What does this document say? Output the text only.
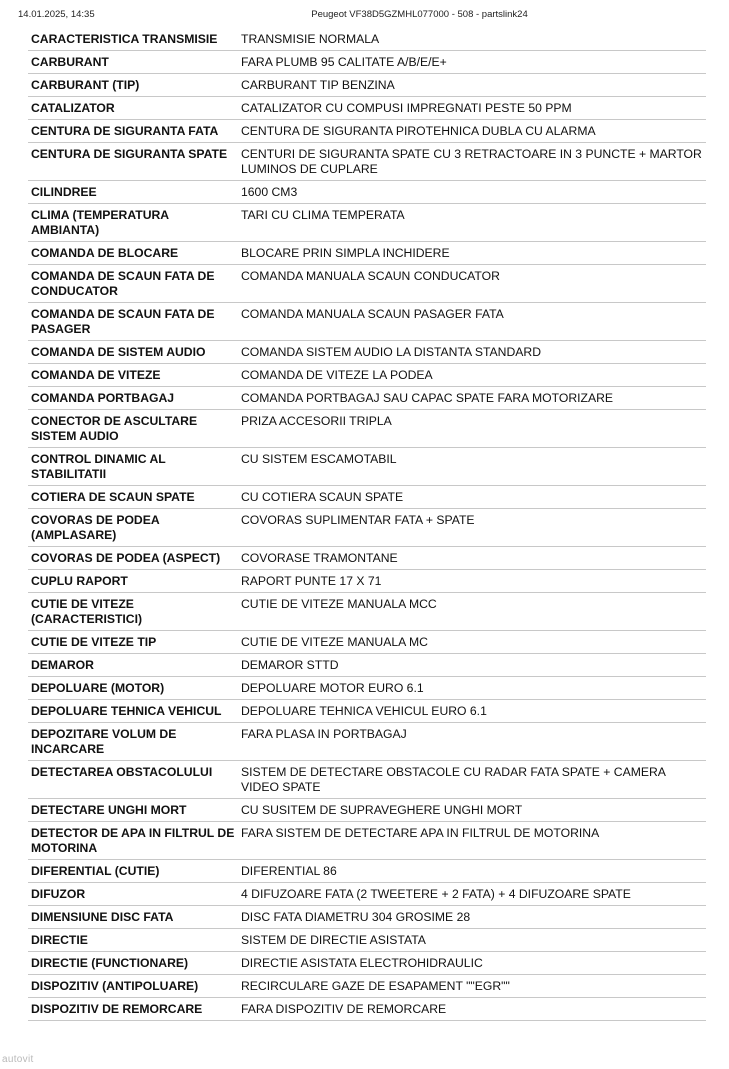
14.01.2025, 14:35	Peugeot VF38D5GZMHL077000 - 508 - partslink24
CARACTERISTICA TRANSMISIE	TRANSMISIE NORMALA
CARBURANT	FARA PLUMB 95 CALITATE A/B/E/E+
CARBURANT (TIP)	CARBURANT TIP BENZINA
CATALIZATOR	CATALIZATOR CU COMPUSI IMPREGNATI PESTE 50 PPM
CENTURA DE SIGURANTA FATA	CENTURA DE SIGURANTA PIROTEHNICA DUBLA CU ALARMA
CENTURA DE SIGURANTA SPATE	CENTURI DE SIGURANTA SPATE CU 3 RETRACTOARE IN 3 PUNCTE + MARTOR LUMINOS DE CUPLARE
CILINDREE	1600 CM3
CLIMA (TEMPERATURA AMBIANTA)	TARI CU CLIMA TEMPERATA
COMANDA DE BLOCARE	BLOCARE PRIN SIMPLA INCHIDERE
COMANDA DE SCAUN FATA DE CONDUCATOR	COMANDA MANUALA SCAUN CONDUCATOR
COMANDA DE SCAUN FATA DE PASAGER	COMANDA MANUALA SCAUN PASAGER FATA
COMANDA DE SISTEM AUDIO	COMANDA SISTEM AUDIO LA DISTANTA STANDARD
COMANDA DE VITEZE	COMANDA DE VITEZE LA PODEA
COMANDA PORTBAGAJ	COMANDA PORTBAGAJ SAU CAPAC SPATE FARA MOTORIZARE
CONECTOR DE ASCULTARE SISTEM AUDIO	PRIZA ACCESORII TRIPLA
CONTROL DINAMIC AL STABILITATII	CU SISTEM ESCAMOTABIL
COTIERA DE SCAUN SPATE	CU COTIERA SCAUN SPATE
COVORAS DE PODEA (AMPLASARE)	COVORAS SUPLIMENTAR FATA + SPATE
COVORAS DE PODEA (ASPECT)	COVORASE TRAMONTANE
CUPLU RAPORT	RAPORT PUNTE 17 X 71
CUTIE DE VITEZE (CARACTERISTICI)	CUTIE DE VITEZE MANUALA MCC
CUTIE DE VITEZE TIP	CUTIE DE VITEZE MANUALA MC
DEMAROR	DEMAROR STTD
DEPOLUARE (MOTOR)	DEPOLUARE MOTOR EURO 6.1
DEPOLUARE TEHNICA VEHICUL	DEPOLUARE TEHNICA VEHICUL EURO 6.1
DEPOZITARE VOLUM DE INCARCARE	FARA PLASA IN PORTBAGAJ
DETECTAREA OBSTACOLULUI	SISTEM DE DETECTARE OBSTACOLE CU RADAR FATA SPATE + CAMERA VIDEO SPATE
DETECTARE UNGHI MORT	CU SUSITEM DE SUPRAVEGHERE UNGHI MORT
DETECTOR DE APA IN FILTRUL DE MOTORINA	FARA SISTEM DE DETECTARE APA IN FILTRUL DE MOTORINA
DIFERENTIAL (CUTIE)	DIFERENTIAL 86
DIFUZOR	4 DIFUZOARE FATA (2 TWEETERE + 2 FATA) + 4 DIFUZOARE SPATE
DIMENSIUNE DISC FATA	DISC FATA DIAMETRU 304 GROSIME 28
DIRECTIE	SISTEM DE DIRECTIE ASISTATA
DIRECTIE (FUNCTIONARE)	DIRECTIE ASISTATA ELECTROHIDRAULIC
DISPOZITIV (ANTIPOLUARE)	RECIRCULARE GAZE DE ESAPAMENT ""EGR""
DISPOZITIV DE REMORCARE	FARA DISPOZITIV DE REMORCARE
autovit
